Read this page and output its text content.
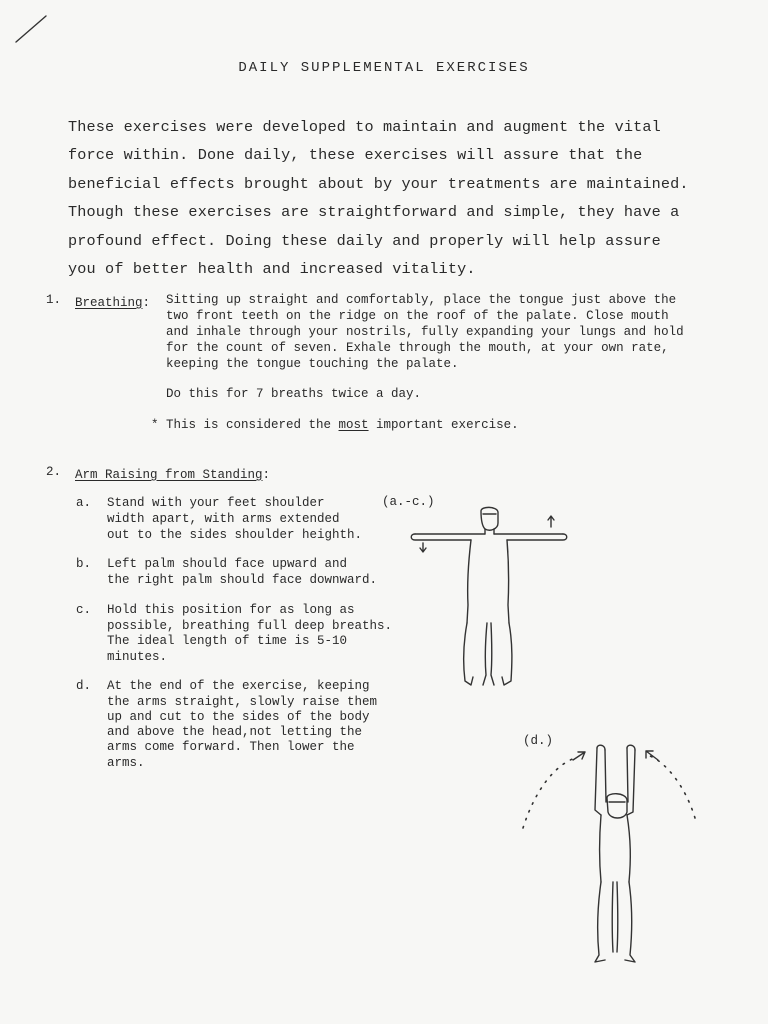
DAILY SUPPLEMENTAL EXERCISES
These exercises were developed to maintain and augment the vital
force within. Done daily, these exercises will assure that the
beneficial effects brought about by your treatments are maintained.
Though these exercises are straightforward and simple, they have a
profound effect. Doing these daily and properly will help assure
you of better health and increased vitality.
1. Breathing: Sitting up straight and comfortably, place the tongue just above the
two front teeth on the ridge on the roof of the palate. Close mouth
and inhale through your nostrils, fully expanding your lungs and hold
for the count of seven. Exhale through the mouth, at your own rate,
keeping the tongue touching the palate.
Do this for 7 breaths twice a day.
* This is considered the most important exercise.
2. Arm Raising from Standing:
a. Stand with your feet shoulder
width apart, with arms extended
out to the sides shoulder heighth.
b. Left palm should face upward and
the right palm should face downward.
c. Hold this position for as long as
possible, breathing full deep breaths.
The ideal length of time is 5-10
minutes.
d. At the end of the exercise, keeping
the arms straight, slowly raise them
up and cut to the sides of the body
and above the head,not letting the
arms come forward. Then lower the
arms.
(a.-c.)
(d.)
